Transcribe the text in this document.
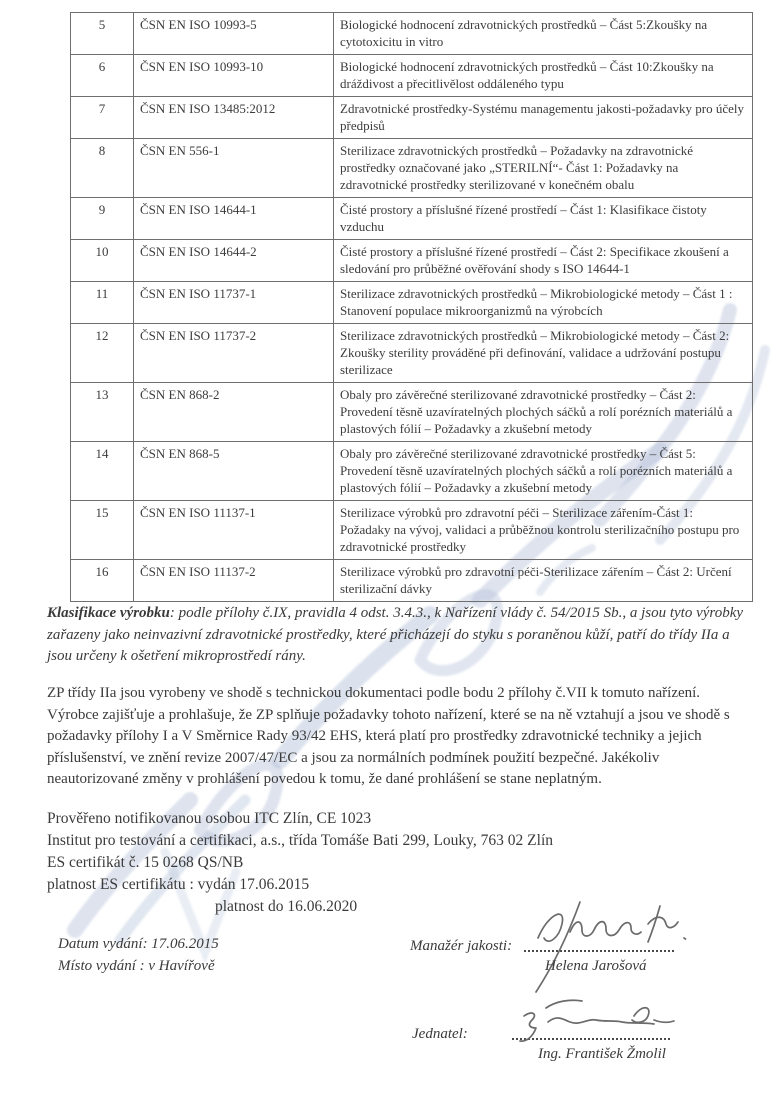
5	ČSN EN ISO 10993-5	Biologické hodnocení zdravotnických prostředků – Část 5:Zkoušky na cytotoxicitu in vitro
6	ČSN EN ISO 10993-10	Biologické hodnocení zdravotnických prostředků – Část 10:Zkoušky na dráždivost a přecitlivělost oddáleného typu
7	ČSN EN ISO 13485:2012	Zdravotnické prostředky-Systému managementu jakosti-požadavky pro účely předpisů
8	ČSN EN 556-1	Sterilizace zdravotnických prostředků – Požadavky na zdravotnické prostředky označované jako „STERILNÍ“- Část 1: Požadavky na zdravotnické prostředky sterilizované v konečném obalu
9	ČSN EN ISO 14644-1	Čisté prostory a příslušné řízené prostředí – Část 1: Klasifikace čistoty vzduchu
10	ČSN EN ISO 14644-2	Čisté prostory a příslušné řízené prostředí – Část 2: Specifikace zkoušení a sledování pro průběžné ověřování shody s ISO 14644-1
11	ČSN EN ISO 11737-1	Sterilizace zdravotnických prostředků – Mikrobiologické metody – Část 1 : Stanovení populace mikroorganizmů na výrobcích
12	ČSN EN ISO 11737-2	Sterilizace zdravotnických prostředků – Mikrobiologické metody – Část 2: Zkoušky sterility prováděné při definování, validace a udržování postupu sterilizace
13	ČSN EN 868-2	Obaly pro závěrečné sterilizované zdravotnické prostředky – Část 2: Provedení těsně uzavíratelných plochých sáčků a rolí porézních materiálů a plastových fólií – Požadavky a zkušební metody
14	ČSN EN 868-5	Obaly pro závěrečné sterilizované zdravotnické prostředky – Část 5: Provedení těsně uzavíratelných plochých sáčků a rolí porézních materiálů a plastových fólií – Požadavky a zkušební metody
15	ČSN EN ISO 11137-1	Sterilizace výrobků pro zdravotní péči – Sterilizace zářením-Část 1: Požadaky na vývoj, validaci a průběžnou kontrolu sterilizačního postupu pro zdravotnické prostředky
16	ČSN EN ISO 11137-2	Sterilizace výrobků pro zdravotní péči-Sterilizace zářením – Část 2: Určení sterilizační dávky

Klasifikace výrobku: podle přílohy č.IX, pravidla 4 odst. 3.4.3., k Nařízení vlády č. 54/2015 Sb., a jsou tyto výrobky zařazeny jako neinvazivní zdravotnické prostředky, které přicházejí do styku s poraněnou kůží, patří do třídy IIa a jsou určeny k ošetření mikroprostředí rány.

ZP třídy IIa jsou vyrobeny ve shodě s technickou dokumentaci podle bodu 2 přílohy č.VII k tomuto nařízení. Výrobce zajišťuje a prohlašuje, že ZP splňuje požadavky tohoto nařízení, které se na ně vztahují a jsou ve shodě s požadavky přílohy I a V Směrnice Rady 93/42 EHS, která platí pro prostředky zdravotnické techniky a jejich příslušenství, ve znění revize 2007/47/EC a jsou za normálních podmínek použití bezpečné. Jakékoliv neautorizované změny v prohlášení povedou k tomu, že dané prohlášení se stane neplatným.

Prověřeno notifikovanou osobou ITC Zlín, CE 1023
Institut pro testování a certifikaci, a.s., třída Tomáše Bati 299, Louky, 763 02 Zlín
ES certifikát č. 15 0268 QS/NB
platnost ES certifikátu : vydán 17.06.2015
platnost do 16.06.2020
Datum vydání: 17.06.2015
Místo vydání : v Havířově
Manažér jakosti:
Helena Jarošová
Jednatel:
Ing. František Žmolil
